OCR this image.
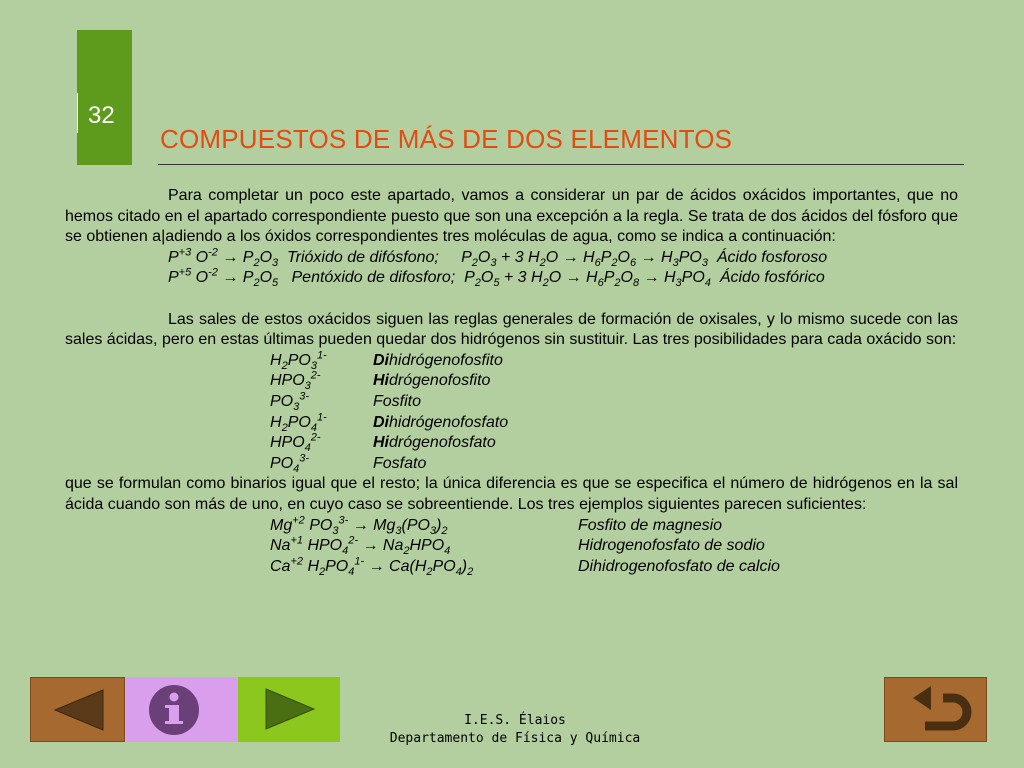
32
COMPUESTOS DE MÁS DE DOS ELEMENTOS

Para completar un poco este apartado, vamos a considerar un par de ácidos oxácidos importantes, que no hemos citado en el apartado correspondiente puesto que son una excepción a la regla. Se trata de dos ácidos del fósforo que se obtienen a|adiendo a los óxidos correspondientes tres moléculas de agua, como se indica a continuación:

$P^{+3}$ $O^{-2} \to P_2O_3$ Trióxido de difósfono;     $P_2O_3 + 3$ $H_2O \to H_6P_2O_6 \to H_3PO_3$ Ácido fosforoso
$P^{+5}$ $O^{-2} \to P_2O_5$ Pentóxido de difosforo;  $P_2O_5 + 3$ $H_2O \to H_6P_2O_8 \to H_3PO_4$ Ácido fosfórico

Las sales de estos oxácidos siguen las reglas generales de formación de oxisales, y lo mismo sucede con las sales ácidas, pero en estas últimas pueden quedar dos hidrógenos sin sustituir. Las tres posibilidades para cada oxácido son:

$H_2PO_3^{1-}$	Dihidrógenofosfito
$HPO_3^{2-}$	Hidrógenofosfito
$PO_3^{3-}$	Fosfito
$H_2PO_4^{1-}$	Dihidrógenofosfato
$HPO_4^{2-}$	Hidrógenofosfato
$PO_4^{3-}$	Fosfato

que se formulan como binarios igual que el resto; la única diferencia es que se especifica el número de hidrógenos en la sal ácida cuando son más de uno, en cuyo caso se sobreentiende. Los tres ejemplos siguientes parecen suficientes:

$Mg^{+2}$ $PO_3^{3-} \to Mg_3(PO_3)_2$	Fosfito de magnesio
$Na^{+1}$ $HPO_4^{2-} \to Na_2HPO_4$	Hidrogenofosfato de sodio
$Ca^{+2}$ $H_2PO_4^{1-} \to Ca(H_2PO_4)_2$	Dihidrogenofosfato de calcio
I.E.S. Élaios
Departamento de Física y Química
